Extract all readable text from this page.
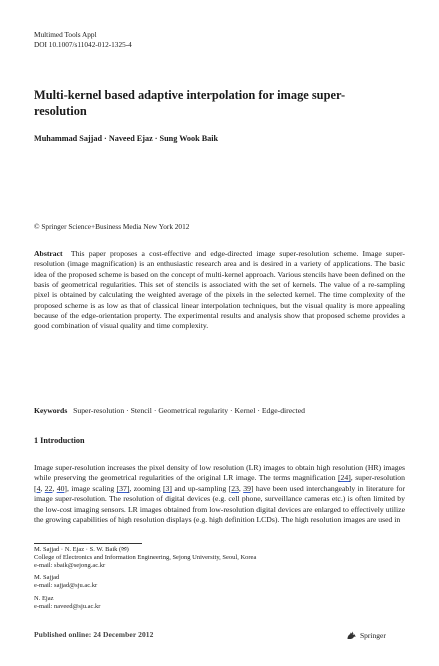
Multimed Tools Appl
DOI 10.1007/s11042-012-1325-4
Multi-kernel based adaptive interpolation for image super-resolution
Muhammad Sajjad · Naveed Ejaz · Sung Wook Baik
© Springer Science+Business Media New York 2012
Abstract This paper proposes a cost-effective and edge-directed image super-resolution scheme. Image super-resolution (image magnification) is an enthusiastic research area and is desired in a variety of applications. The basic idea of the proposed scheme is based on the concept of multi-kernel approach. Various stencils have been defined on the basis of geometrical regularities. This set of stencils is associated with the set of kernels. The value of a re-sampling pixel is obtained by calculating the weighted average of the pixels in the selected kernel. The time complexity of the proposed scheme is as low as that of classical linear interpolation techniques, but the visual quality is more appealing because of the edge-orientation property. The experimental results and analysis show that proposed scheme provides a good combination of visual quality and time complexity.
Keywords Super-resolution · Stencil · Geometrical regularity · Kernel · Edge-directed
1 Introduction
Image super-resolution increases the pixel density of low resolution (LR) images to obtain high resolution (HR) images while preserving the geometrical regularities of the original LR image. The terms magnification [24], super-resolution [4, 22, 40], image scaling [37], zooming [3] and up-sampling [23, 39] have been used interchangeably in literature for image super-resolution. The resolution of digital devices (e.g. cell phone, surveillance cameras etc.) is often limited by the low-cost imaging sensors. LR images obtained from low-resolution digital devices are enlarged to effectively utilize the growing capabilities of high resolution displays (e.g. high definition LCDs). The high resolution images are used in
M. Sajjad · N. Ejaz · S. W. Baik (✉)
College of Electronics and Information Engineering, Sejong University, Seoul, Korea
e-mail: sbaik@sejong.ac.kr
M. Sajjad
e-mail: sajjad@sju.ac.kr
N. Ejaz
e-mail: naveed@sju.ac.kr
Published online: 24 December 2012	Springer
